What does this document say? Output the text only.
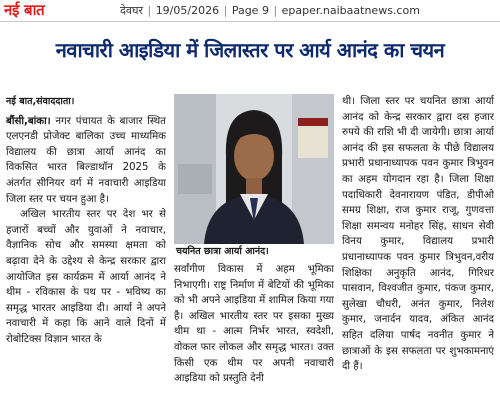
नई बात	देवघर | 19/05/2026 | Page 9 | epaper.naibaatnews.com
नवाचारी आइडिया में जिलास्तर पर आर्य आनंद का चयन
नई बात,संवाददाता।

बौंसी,बांका। नगर पंचायत के बाजार स्थित एलएनडी प्रोजेक्ट बालिका उच्च माध्यमिक विद्यालय की छात्रा आर्या आनंद का विकसित भारत बिल्डाथॉन 2025 के अंतर्गत सीनियर वर्ग में नवाचारी आइडिया जिला स्तर पर चयन हुआ है।

अखिल भारतीय स्तर पर देश भर से हजारों बच्चों और युवाओं ने नवाचार, वैज्ञानिक सोच और समस्या क्षमता को बढ़ावा देने के उद्देश्य से केन्द्र सरकार द्वारा आयोजित इस कार्यक्रम में आर्या आनंद ने थीम - रविकास के पथ पर - भविष्य का समृद्ध भारतर आइडिया दी। आर्या ने अपने नवाचारी में कहा कि आने वाले दिनों में रोबोटिक्स विज्ञान भारत के

चयनित छात्रा आर्या आनंद।

सर्वांगीण विकास में अहम भूमिका निभाएगी। राष्ट्र निर्माण में बेटियों की भूमिका को भी अपने आइडिया में शामिल किया गया है। अखिल भारतीय स्तर पर इसका मुख्य थीम था - आत्म निर्भर भारत, स्वदेशी, वोकल फार लोकल और समृद्ध भारत। उक्त किसी एक थीम पर अपनी नवाचारी आइडिया को प्रस्तुति देनी

थी। जिला स्तर पर चयनित छात्रा आर्या आनंद को केन्द्र सरकार द्वारा दस हजार रुपये की राशि भी दी जायेगी। छात्रा आर्या आनंद की इस सफलता के पीछे विद्यालय प्रभारी प्रधानाध्यापक पवन कुमार त्रिभुवन का अहम योगदान रहा है। जिला शिक्षा पदाधिकारी देवनारायण पंडित, डीपीओ समग्र शिक्षा, राज कुमार राजू, गुणवत्ता शिक्षा समन्वय मनोहर सिंह, साधन सेवी विनय कुमार, विद्यालय प्रभारी प्रधानाध्यापक पवन कुमार त्रिभुवन,वरीय शिक्षिका अनुकृति आनंद, गिरिधर पासवान, विश्वजीत कुमार, पंकज कुमार, सुलेखा चौधरी, अनंत कुमार, निलेश कुमार, जनार्दन यादव, अंकित आनंद सहित दलिया पार्षद नवनीत कुमार ने छात्राओं के इस सफलता पर शुभकामनाएं दी हैं।
